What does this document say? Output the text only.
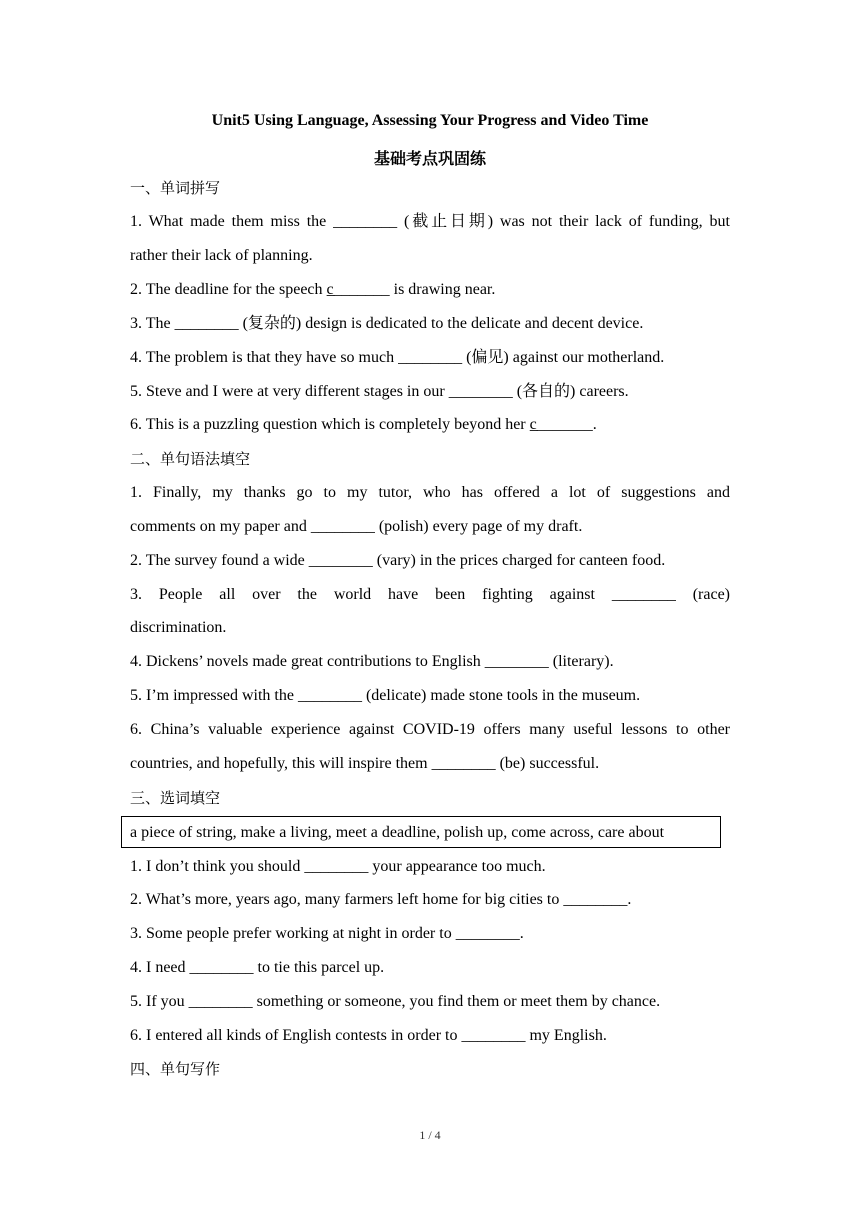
Unit5 Using Language, Assessing Your Progress and Video Time
基础考点巩固练
一、单词拼写
1. What made them miss the ________ (截止日期) was not their lack of funding, but
rather their lack of planning.
2. The deadline for the speech c̲_______ is drawing near.
3. The ________ (复杂的) design is dedicated to the delicate and decent device.
4. The problem is that they have so much ________ (偏见) against our motherland.
5. Steve and I were at very different stages in our ________ (各自的) careers.
6. This is a puzzling question which is completely beyond her c̲_______.
二、单句语法填空
1. Finally, my thanks go to my tutor, who has offered a lot of suggestions and
comments on my paper and ________ (polish) every page of my draft.
2. The survey found a wide ________ (vary) in the prices charged for canteen food.
3. People all over the world have been fighting against ________ (race)
discrimination.
4. Dickens’ novels made great contributions to English ________ (literary).
5. I’m impressed with the ________ (delicate) made stone tools in the museum.
6. China’s valuable experience against COVID-19 offers many useful lessons to other
countries, and hopefully, this will inspire them ________ (be) successful.
三、选词填空
a piece of string, make a living, meet a deadline, polish up, come across, care about
1. I don’t think you should ________ your appearance too much.
2. What’s more, years ago, many farmers left home for big cities to ________.
3. Some people prefer working at night in order to ________.
4. I need ________ to tie this parcel up.
5. If you ________ something or someone, you find them or meet them by chance.
6. I entered all kinds of English contests in order to ________ my English.
四、单句写作
1 / 4
